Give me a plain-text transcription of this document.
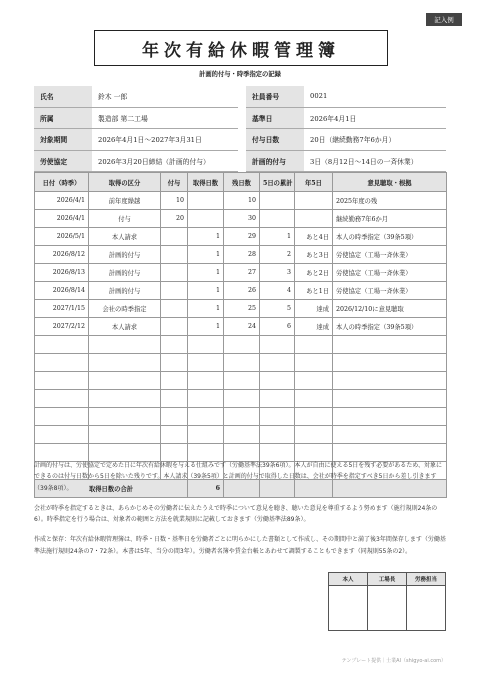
記入例
年次有給休暇管理簿
計画的付与・時季指定の記録
氏名	鈴木 一郎		社員番号	0021
所属	製造部 第二工場		基準日	2026年4月1日
対象期間	2026年4月1日〜2027年3月31日		付与日数	20日（継続勤務7年6か月）
労使協定	2026年3月20日締結（計画的付与）		計画的付与	3日（8月12日〜14日の一斉休業）
日付（時季）	取得の区分	付与	取得日数	残日数	5日の累計	年5日	意見聴取・根拠
2026/4/1	前年度繰越	10		10			2025年度の残
2026/4/1	付与	20		30			継続勤務7年6か月
2026/5/1	本人請求		1	29	1	あと4日	本人の時季指定（39条5項）
2026/8/12	計画的付与		1	28	2	あと3日	労使協定（工場一斉休業）
2026/8/13	計画的付与		1	27	3	あと2日	労使協定（工場一斉休業）
2026/8/14	計画的付与		1	26	4	あと1日	労使協定（工場一斉休業）
2027/1/15	会社の時季指定		1	25	5	達成	2026/12/10に意見聴取
2027/2/12	本人請求		1	24	6	達成	本人の時季指定（39条5項）

取得日数の合計			6				

計画的付与は、労使協定で定めた日に年次有給休暇を与える仕組みです（労働基準法39条6項）。本人が自由に使える5日を残す必要があるため、対象にできるのは付与日数から5日を除いた残りです。本人請求（39条5項）と計画的付与で取得した日数は、会社が時季を指定すべき5日から差し引きます（39条8項）。

会社が時季を指定するときは、あらかじめその労働者に伝えたうえで時季について意見を聴き、聴いた意見を尊重するよう努めます（施行規則24条の6）。時季指定を行う場合は、対象者の範囲と方法を就業規則に記載しておきます（労働基準法89条）。

作成と保存：年次有給休暇管理簿は、時季・日数・基準日を労働者ごとに明らかにした書類として作成し、その期間中と満了後3年間保存します（労働基準法施行規則24条の7・72条）。本書は5年、当分の間3年）。労働者名簿や賃金台帳とあわせて調製することもできます（同規則55条の2）。

本人	工場長	労務担当

テンプレート提供｜士業AI（shigyo-ai.com）
